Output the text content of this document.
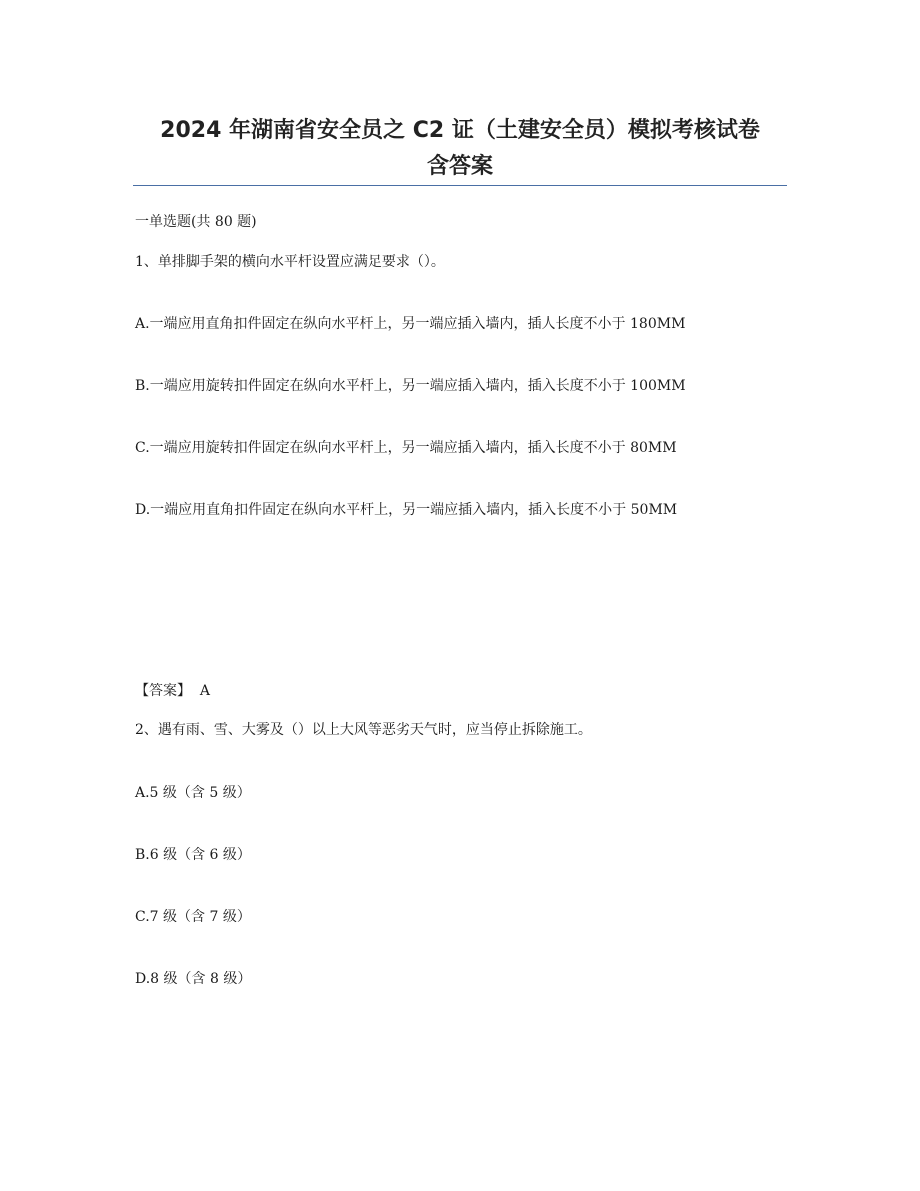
2024 年湖南省安全员之 C2 证（土建安全员）模拟考核试卷
含答案
一单选题(共 80 题)
1、单排脚手架的横向水平杆设置应满足要求（）。
A.一端应用直角扣件固定在纵向水平杆上，另一端应插入墙内，插人长度不小于 180MM
B.一端应用旋转扣件固定在纵向水平杆上，另一端应插入墙内，插入长度不小于 100MM
C.一端应用旋转扣件固定在纵向水平杆上，另一端应插入墙内，插入长度不小于 80MM
D.一端应用直角扣件固定在纵向水平杆上，另一端应插入墙内，插入长度不小于 50MM
【答案】  A
2、遇有雨、雪、大雾及（）以上大风等恶劣天气时，应当停止拆除施工。
A.5 级（含 5 级）
B.6 级（含 6 级）
C.7 级（含 7 级）
D.8 级（含 8 级）
